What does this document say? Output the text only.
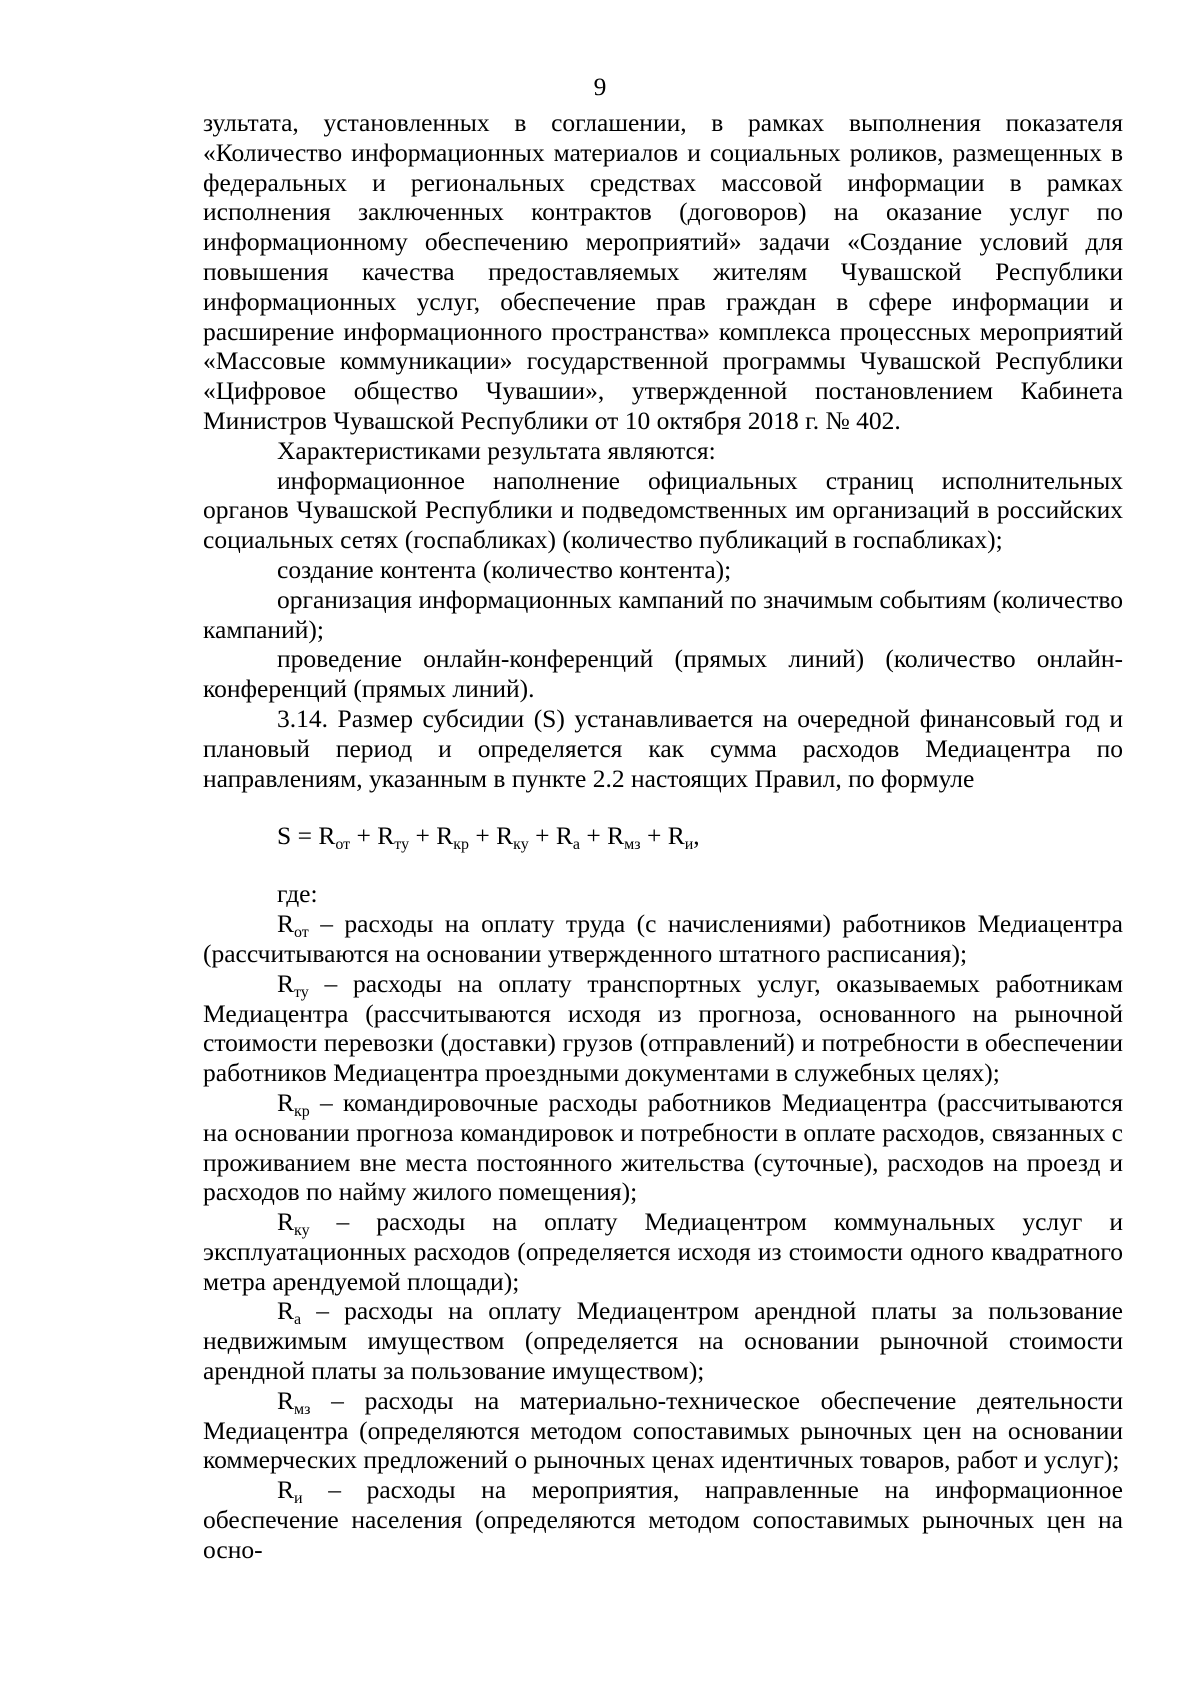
9

зультата, установленных в соглашении, в рамках выполнения показателя «Количество информационных материалов и социальных роликов, размещенных в федеральных и региональных средствах массовой информации в рамках исполнения заключенных контрактов (договоров) на оказание услуг по информационному обеспечению мероприятий» задачи «Создание условий для повышения качества предоставляемых жителям Чувашской Республики информационных услуг, обеспечение прав граждан в сфере информации и расширение информационного пространства» комплекса процессных мероприятий «Массовые коммуникации» государственной программы Чувашской Республики «Цифровое общество Чувашии», утвержденной постановлением Кабинета Министров Чувашской Республики от 10 октября 2018 г. № 402.

Характеристиками результата являются:

информационное наполнение официальных страниц исполнительных органов Чувашской Республики и подведомственных им организаций в российских социальных сетях (госпабликах) (количество публикаций в госпабликах);

создание контента (количество контента);

организация информационных кампаний по значимым событиям (количество кампаний);

проведение онлайн-конференций (прямых линий) (количество онлайн-конференций (прямых линий).

3.14. Размер субсидии (S) устанавливается на очередной финансовый год и плановый период и определяется как сумма расходов Медиацентра по направлениям, указанным в пункте 2.2 настоящих Правил, по формуле

$S = R_{от} + R_{ту} + R_{кр} + R_{ку} + R_а + R_{мз} + R_и$,

где:

$R_{от}$ – расходы на оплату труда (с начислениями) работников Медиацентра (рассчитываются на основании утвержденного штатного расписания);

$R_{ту}$ – расходы на оплату транспортных услуг, оказываемых работникам Медиацентра (рассчитываются исходя из прогноза, основанного на рыночной стоимости перевозки (доставки) грузов (отправлений) и потребности в обеспечении работников Медиацентра проездными документами в служебных целях);

$R_{кр}$ – командировочные расходы работников Медиацентра (рассчитываются на основании прогноза командировок и потребности в оплате расходов, связанных с проживанием вне места постоянного жительства (суточные), расходов на проезд и расходов по найму жилого помещения);

$R_{ку}$ – расходы на оплату Медиацентром коммунальных услуг и эксплуатационных расходов (определяется исходя из стоимости одного квадратного метра арендуемой площади);

$R_а$ – расходы на оплату Медиацентром арендной платы за пользование недвижимым имуществом (определяется на основании рыночной стоимости арендной платы за пользование имуществом);

$R_{мз}$ – расходы на материально-техническое обеспечение деятельности Медиацентра (определяются методом сопоставимых рыночных цен на основании коммерческих предложений о рыночных ценах идентичных товаров, работ и услуг);

$R_и$ – расходы на мероприятия, направленные на информационное обеспечение населения (определяются методом сопоставимых рыночных цен на осно-
